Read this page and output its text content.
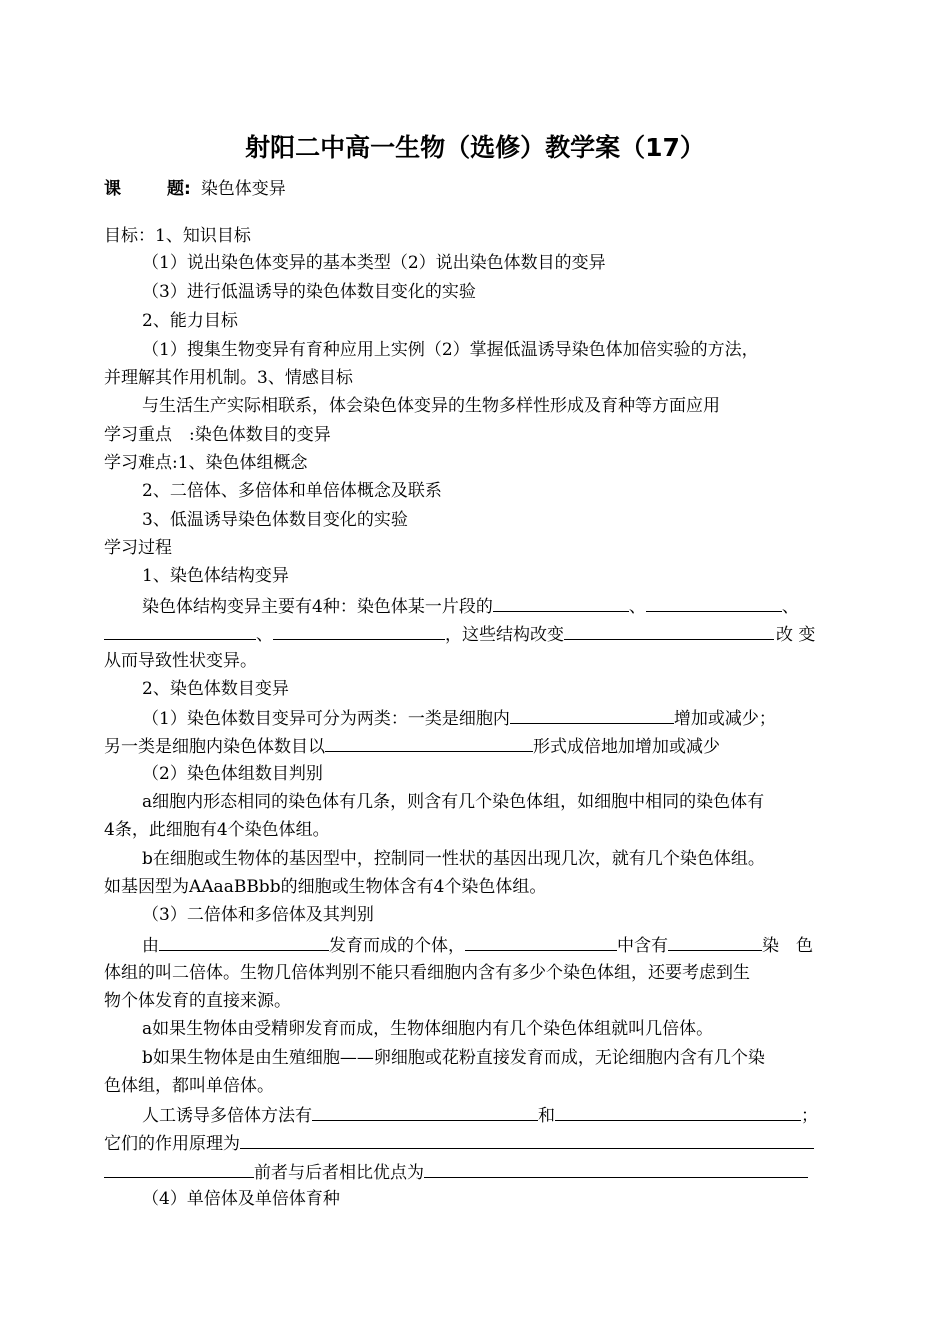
射阳二中高一生物（选修）教学案（17）
课	题: 染色体变异
目标：1、知识目标
（1）说出染色体变异的基本类型（2）说出染色体数目的变异
（3）进行低温诱导的染色体数目变化的实验
2、能力目标
（1）搜集生物变异有育种应用上实例（2）掌握低温诱导染色体加倍实验的方法，
并理解其作用机制。3、情感目标
与生活生产实际相联系，体会染色体变异的生物多样性形成及育种等方面应用
学习重点　:染色体数目的变异
学习难点:1、染色体组概念
2、二倍体、多倍体和单倍体概念及联系
3、低温诱导染色体数目变化的实验
学习过程
1、染色体结构变异
染色体结构变异主要有4种：染色体某一片段的	、	、
、	，这些结构改变	改 变
从而导致性状变异。
2、染色体数目变异
（1）染色体数目变异可分为两类：一类是细胞内	增加或减少；
另一类是细胞内染色体数目以	形式成倍地加增加或减少
（2）染色体组数目判别
a细胞内形态相同的染色体有几条，则含有几个染色体组，如细胞中相同的染色体有
4条，此细胞有4个染色体组。
b在细胞或生物体的基因型中，控制同一性状的基因出现几次，就有几个染色体组。
如基因型为AAaaBBbb的细胞或生物体含有4个染色体组。
（3）二倍体和多倍体及其判别
由	发育而成的个体，	中含有	染　色
体组的叫二倍体。生物几倍体判别不能只看细胞内含有多少个染色体组，还要考虑到生
物个体发育的直接来源。
a如果生物体由受精卵发育而成，生物体细胞内有几个染色体组就叫几倍体。
b如果生物体是由生殖细胞——卵细胞或花粉直接发育而成，无论细胞内含有几个染
色体组，都叫单倍体。
人工诱导多倍体方法有	和	；
它们的作用原理为
前者与后者相比优点为
（4）单倍体及单倍体育种
